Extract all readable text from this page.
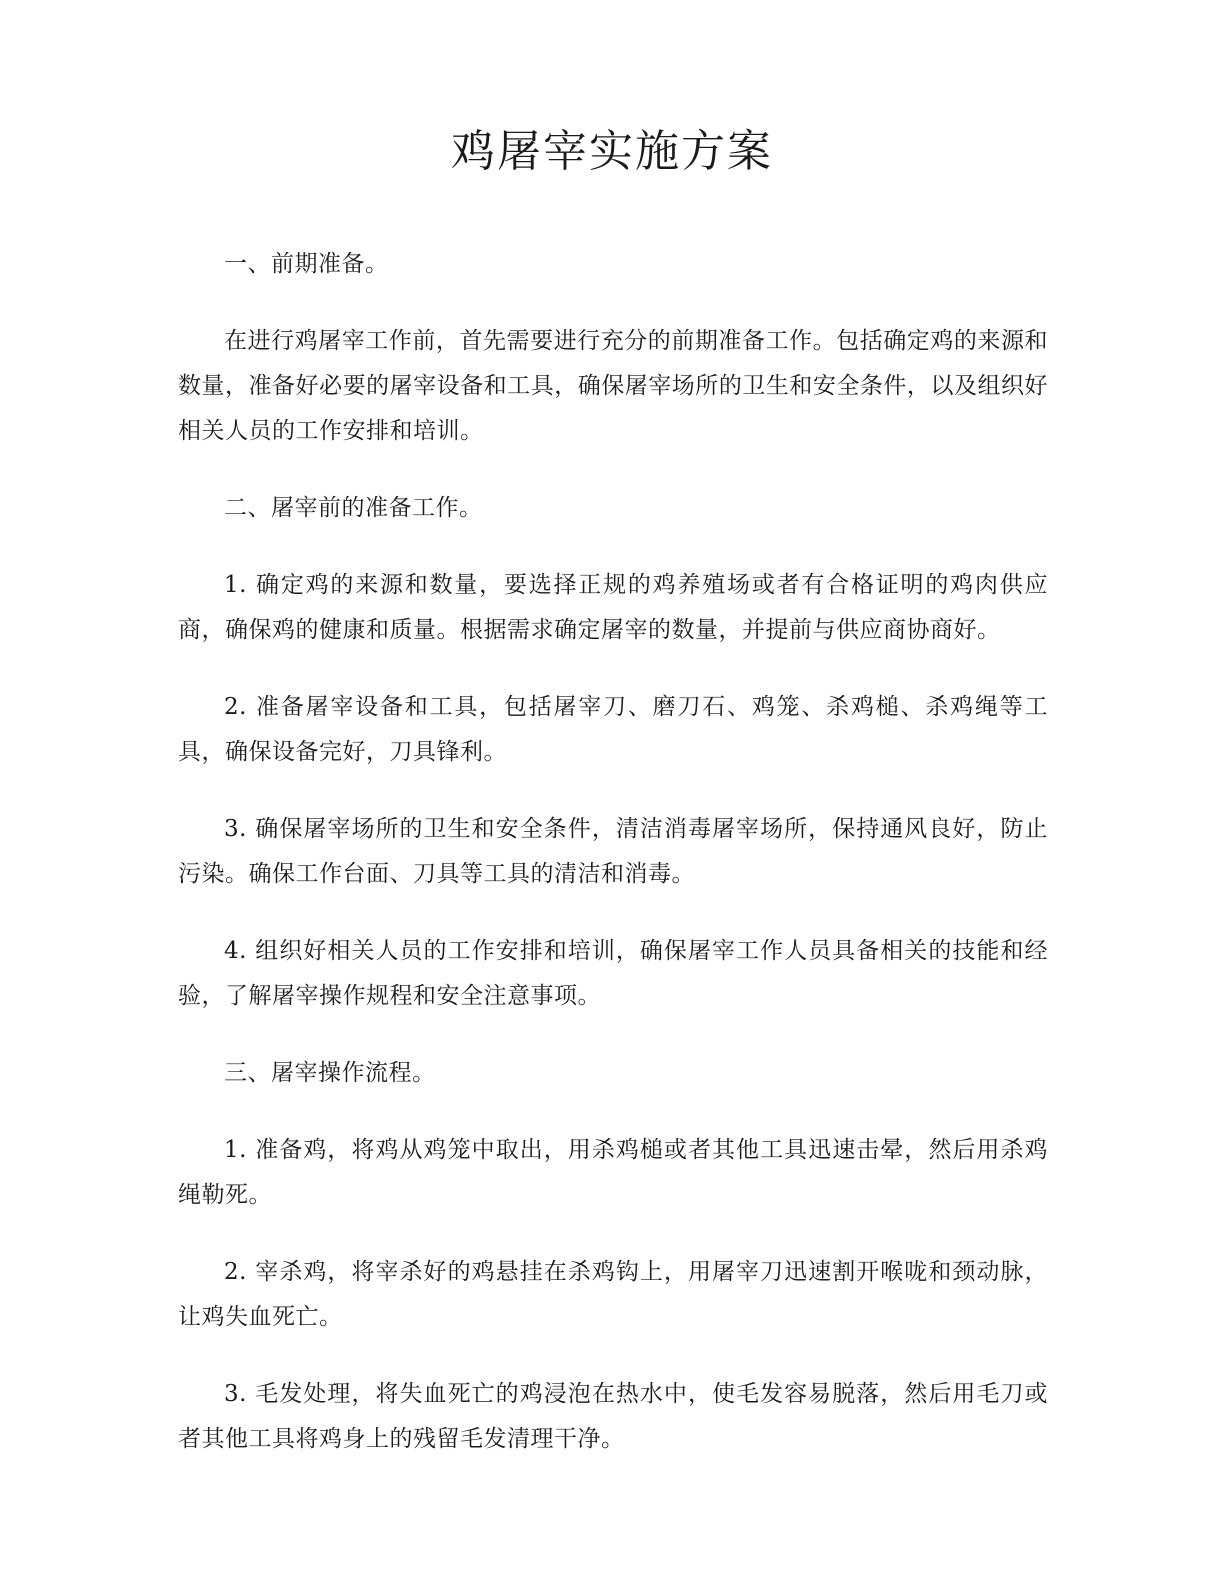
鸡屠宰实施方案

一、前期准备。

在进行鸡屠宰工作前，首先需要进行充分的前期准备工作。包括确定鸡的来源和数量，准备好必要的屠宰设备和工具，确保屠宰场所的卫生和安全条件，以及组织好相关人员的工作安排和培训。

二、屠宰前的准备工作。

1. 确定鸡的来源和数量，要选择正规的鸡养殖场或者有合格证明的鸡肉供应商，确保鸡的健康和质量。根据需求确定屠宰的数量，并提前与供应商协商好。

2. 准备屠宰设备和工具，包括屠宰刀、磨刀石、鸡笼、杀鸡槌、杀鸡绳等工具，确保设备完好，刀具锋利。

3. 确保屠宰场所的卫生和安全条件，清洁消毒屠宰场所，保持通风良好，防止污染。确保工作台面、刀具等工具的清洁和消毒。

4. 组织好相关人员的工作安排和培训，确保屠宰工作人员具备相关的技能和经验，了解屠宰操作规程和安全注意事项。

三、屠宰操作流程。

1. 准备鸡，将鸡从鸡笼中取出，用杀鸡槌或者其他工具迅速击晕，然后用杀鸡绳勒死。

2. 宰杀鸡，将宰杀好的鸡悬挂在杀鸡钩上，用屠宰刀迅速割开喉咙和颈动脉，让鸡失血死亡。

3. 毛发处理，将失血死亡的鸡浸泡在热水中，使毛发容易脱落，然后用毛刀或者其他工具将鸡身上的残留毛发清理干净。
